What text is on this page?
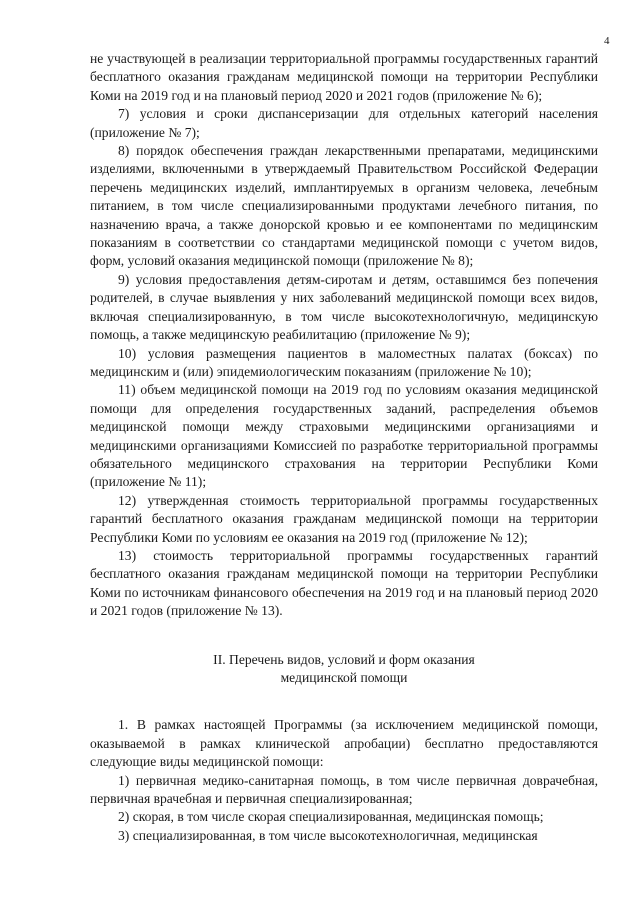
4

не участвующей в реализации территориальной программы государственных гарантий бесплатного оказания гражданам медицинской помощи на территории Республики Коми на 2019 год и на плановый период 2020 и 2021 годов (приложение № 6);

7) условия и сроки диспансеризации для отдельных категорий населения (приложение № 7);

8) порядок обеспечения граждан лекарственными препаратами, медицинскими изделиями, включенными в утверждаемый Правительством Российской Федерации перечень медицинских изделий, имплантируемых в организм человека, лечебным питанием, в том числе специализированными продуктами лечебного питания, по назначению врача, а также донорской кровью и ее компонентами по медицинским показаниям в соответствии со стандартами медицинской помощи с учетом видов, форм, условий оказания медицинской помощи (приложение № 8);

9) условия предоставления детям-сиротам и детям, оставшимся без попечения родителей, в случае выявления у них заболеваний медицинской помощи всех видов, включая специализированную, в том числе высокотехнологичную, медицинскую помощь, а также медицинскую реабилитацию (приложение № 9);

10) условия размещения пациентов в маломестных палатах (боксах) по медицинским и (или) эпидемиологическим показаниям (приложение № 10);

11) объем медицинской помощи на 2019 год по условиям оказания медицинской помощи для определения государственных заданий, распределения объемов медицинской помощи между страховыми медицинскими организациями и медицинскими организациями Комиссией по разработке территориальной программы обязательного медицинского страхования на территории Республики Коми (приложение № 11);

12) утвержденная стоимость территориальной программы государственных гарантий бесплатного оказания гражданам медицинской помощи на территории Республики Коми по условиям ее оказания на 2019 год (приложение № 12);

13) стоимость территориальной программы государственных гарантий бесплатного оказания гражданам медицинской помощи на территории Республики Коми по источникам финансового обеспечения на 2019 год и на плановый период 2020 и 2021 годов (приложение № 13).

II. Перечень видов, условий и форм оказания
медицинской помощи

1. В рамках настоящей Программы (за исключением медицинской помощи, оказываемой в рамках клинической апробации) бесплатно предоставляются следующие виды медицинской помощи:

1) первичная медико-санитарная помощь, в том числе первичная доврачебная, первичная врачебная и первичная специализированная;

2) скорая, в том числе скорая специализированная, медицинская помощь;

3) специализированная, в том числе высокотехнологичная, медицинская
